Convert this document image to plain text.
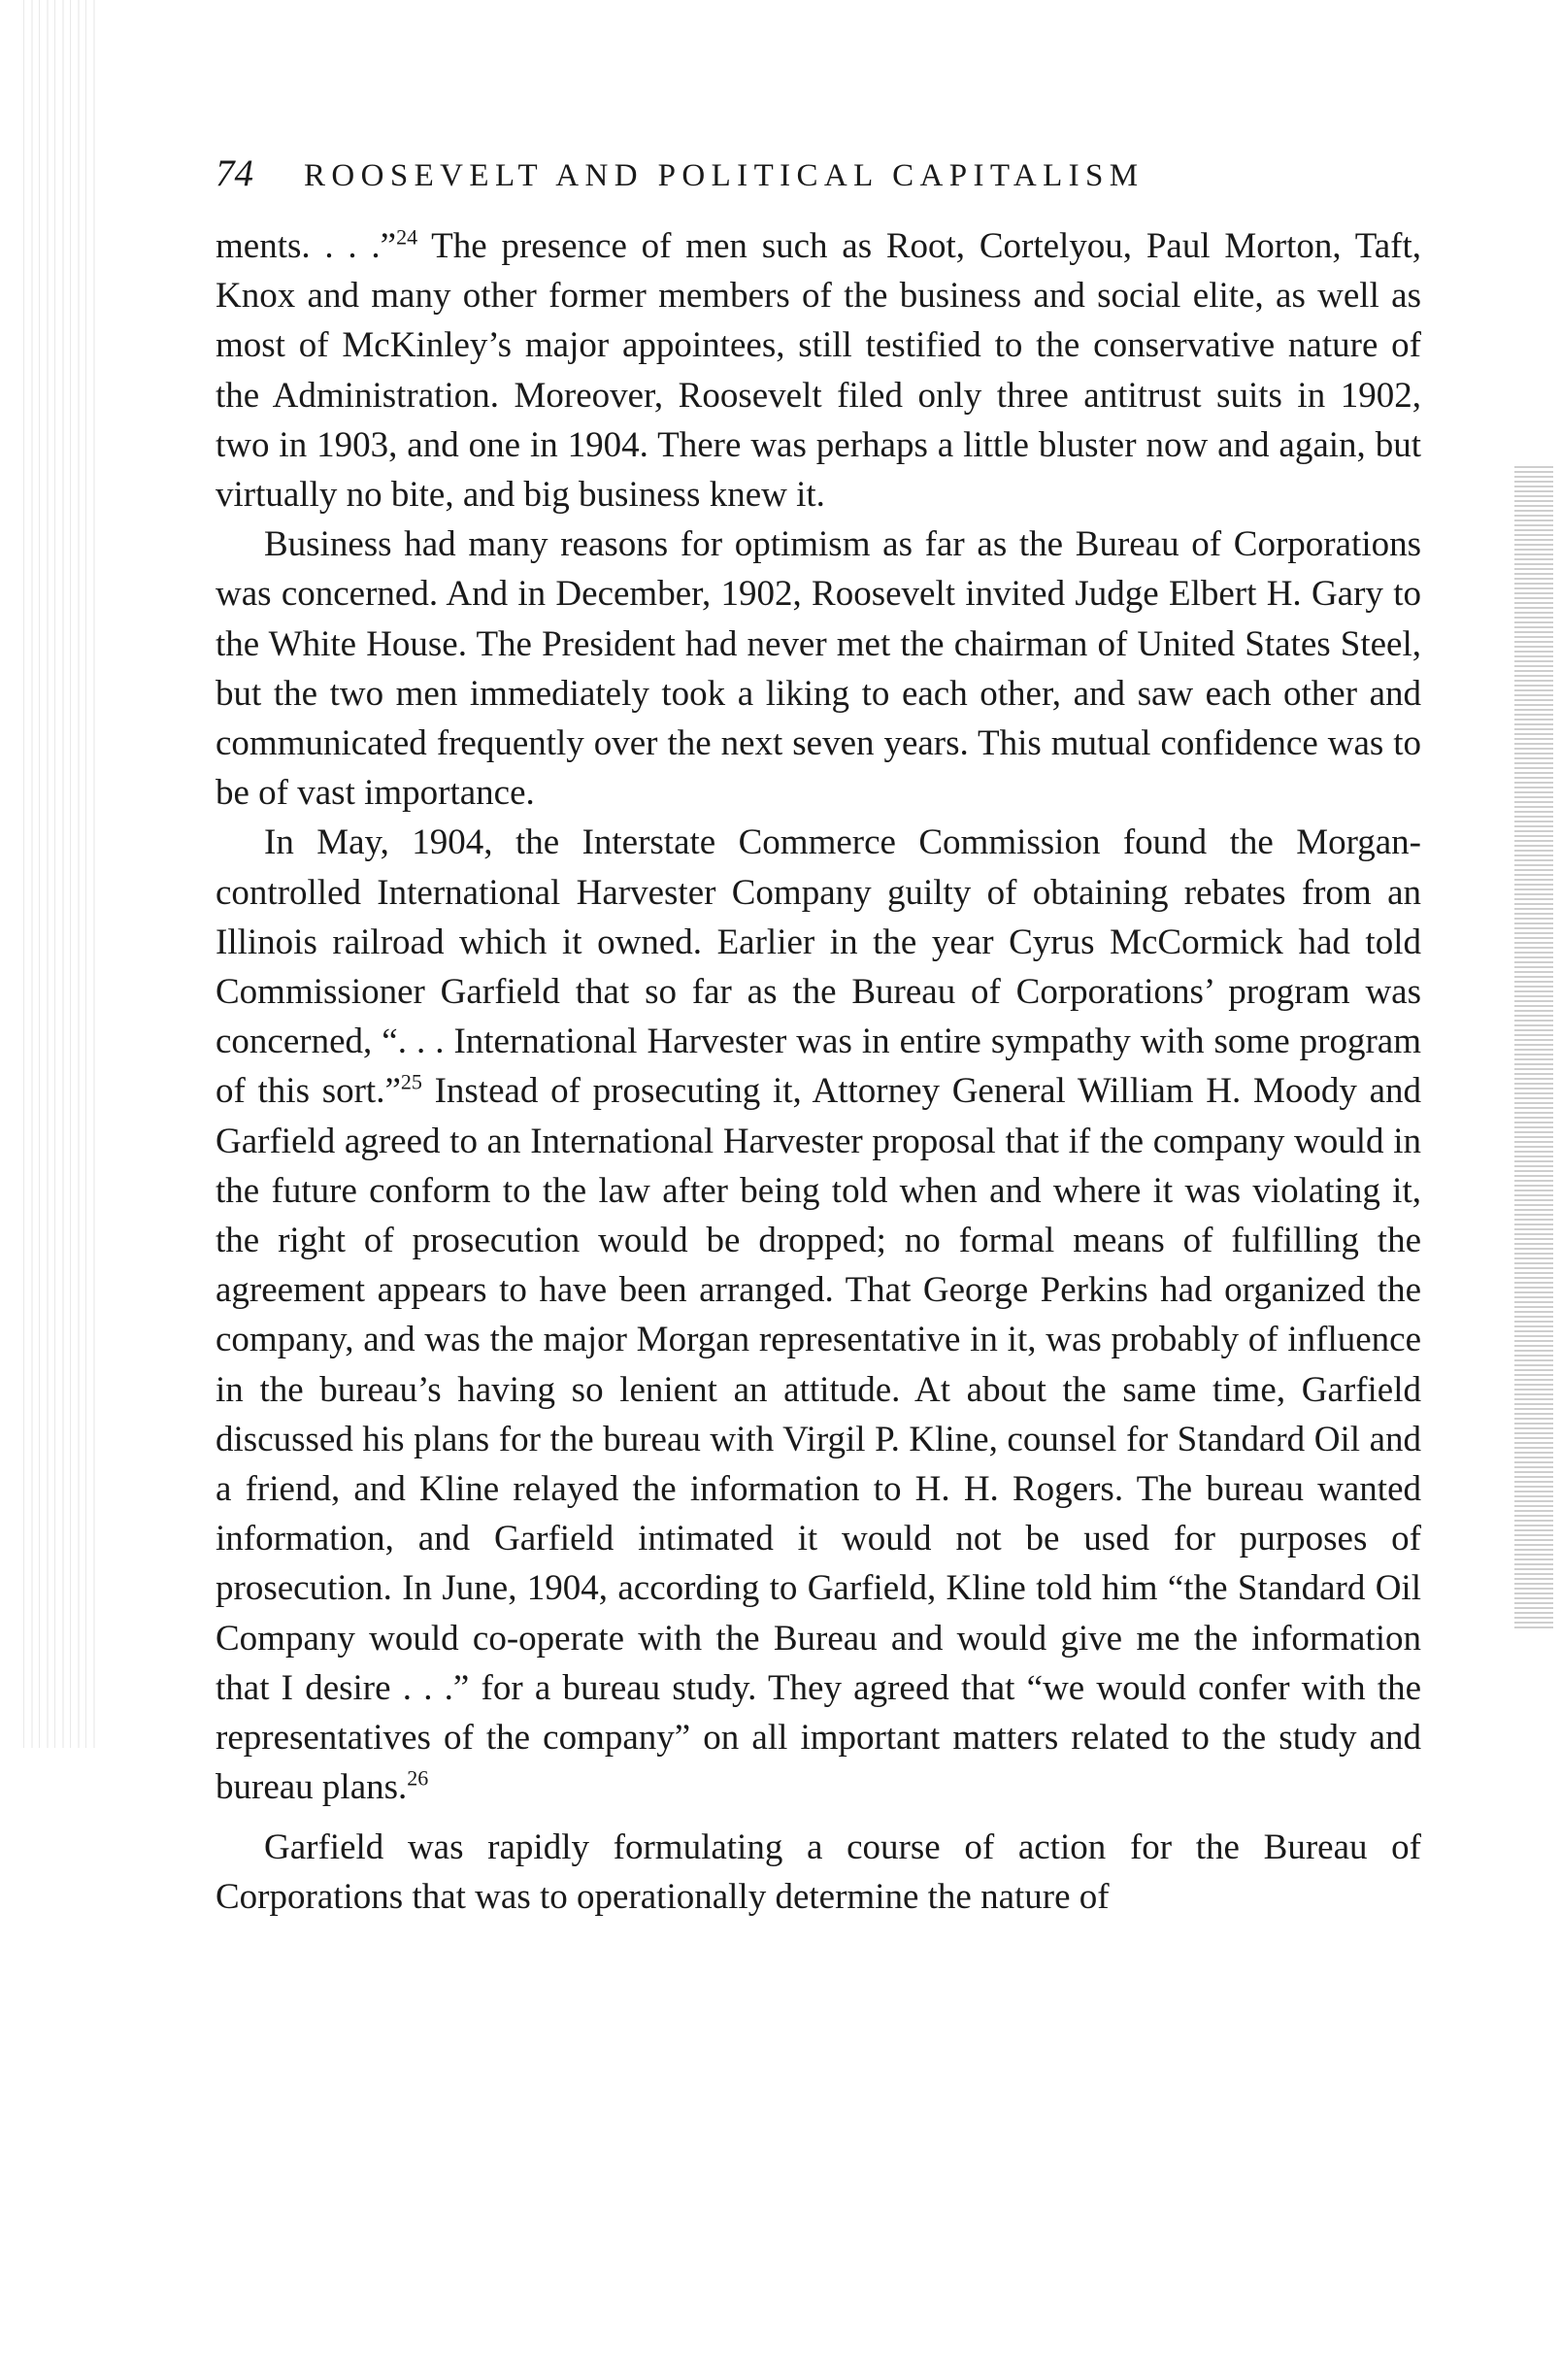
74 ROOSEVELT AND POLITICAL CAPITALISM

ments. . . .”$^{24}$ The presence of men such as Root, Cortelyou, Paul Morton, Taft, Knox and many other former members of the business and social elite, as well as most of McKinley’s major appointees, still testified to the conservative nature of the Administration. Moreover, Roosevelt filed only three antitrust suits in 1902, two in 1903, and one in 1904. There was perhaps a little bluster now and again, but virtually no bite, and big business knew it.

Business had many reasons for optimism as far as the Bureau of Corporations was concerned. And in December, 1902, Roosevelt invited Judge Elbert H. Gary to the White House. The President had never met the chairman of United States Steel, but the two men immediately took a liking to each other, and saw each other and communicated frequently over the next seven years. This mutual confidence was to be of vast importance.

In May, 1904, the Interstate Commerce Commission found the Morgan-controlled International Harvester Company guilty of obtaining rebates from an Illinois railroad which it owned. Earlier in the year Cyrus McCormick had told Commissioner Garfield that so far as the Bureau of Corporations’ program was concerned, “. . . International Harvester was in entire sympathy with some program of this sort.”$^{25}$ Instead of prosecuting it, Attorney General William H. Moody and Garfield agreed to an International Harvester proposal that if the company would in the future conform to the law after being told when and where it was violating it, the right of prosecution would be dropped; no formal means of fulfilling the agreement appears to have been arranged. That George Perkins had organized the company, and was the major Morgan representative in it, was probably of influence in the bureau’s having so lenient an attitude. At about the same time, Garfield discussed his plans for the bureau with Virgil P. Kline, counsel for Standard Oil and a friend, and Kline relayed the information to H. H. Rogers. The bureau wanted information, and Garfield intimated it would not be used for purposes of prosecution. In June, 1904, according to Garfield, Kline told him “the Standard Oil Company would co-operate with the Bureau and would give me the information that I desire . . .” for a bureau study. They agreed that “we would confer with the representatives of the company” on all important matters related to the study and bureau plans.$^{26}$

Garfield was rapidly formulating a course of action for the Bureau of Corporations that was to operationally determine the nature of
